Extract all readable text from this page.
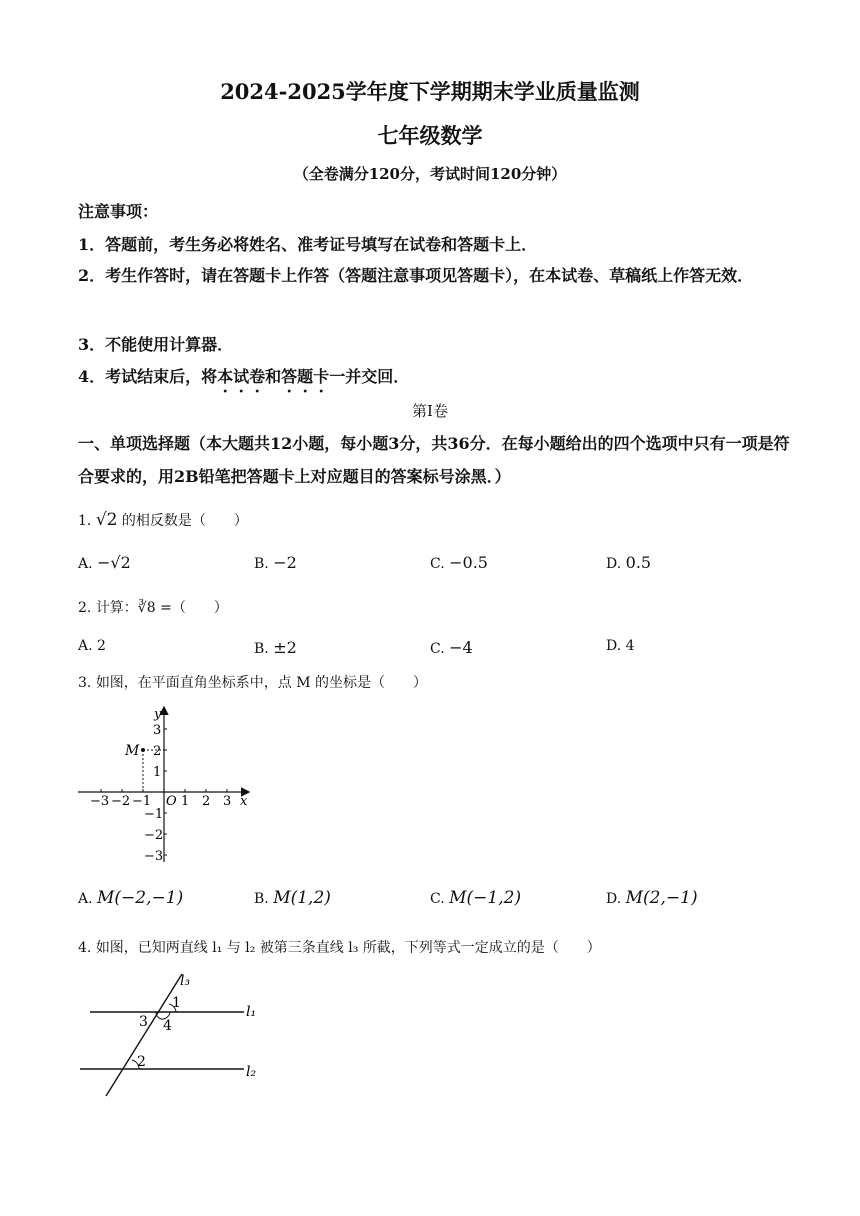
2024-2025学年度下学期期末学业质量监测
七年级数学
（全卷满分120分，考试时间120分钟）
注意事项：
1．答题前，考生务必将姓名、准考证号填写在试卷和答题卡上．
2．考生作答时，请在答题卡上作答（答题注意事项见答题卡），在本试卷、草稿纸上作答无效．
3．不能使用计算器．
4．考试结束后，将本试卷和答题卡一并交回．
第Ⅰ卷
一、单项选择题（本大题共12小题，每小题3分，共36分．在每小题给出的四个选项中只有一项是符合要求的，用2B铅笔把答题卡上对应题目的答案标号涂黑．）
1. √2 的相反数是（　　）
A. −√2	B. −2	C. −0.5	D. 0.5
2. 计算：∛8 =（　　）
A. 2	B. ±2	C. −4	D. 4
3. 如图，在平面直角坐标系中，点 M 的坐标是（　　）
−3 −2 −1 1 2 3 x
O
3
2
1
−1
−2
−3
y
M
A. M(−2,−1)	B. M(1,2)	C. M(−1,2)	D. M(2,−1)
4. 如图，已知两直线 l₁ 与 l₂ 被第三条直线 l₃ 所截，下列等式一定成立的是（　　）
l₃
l₁
l₂
1
3 4
2
